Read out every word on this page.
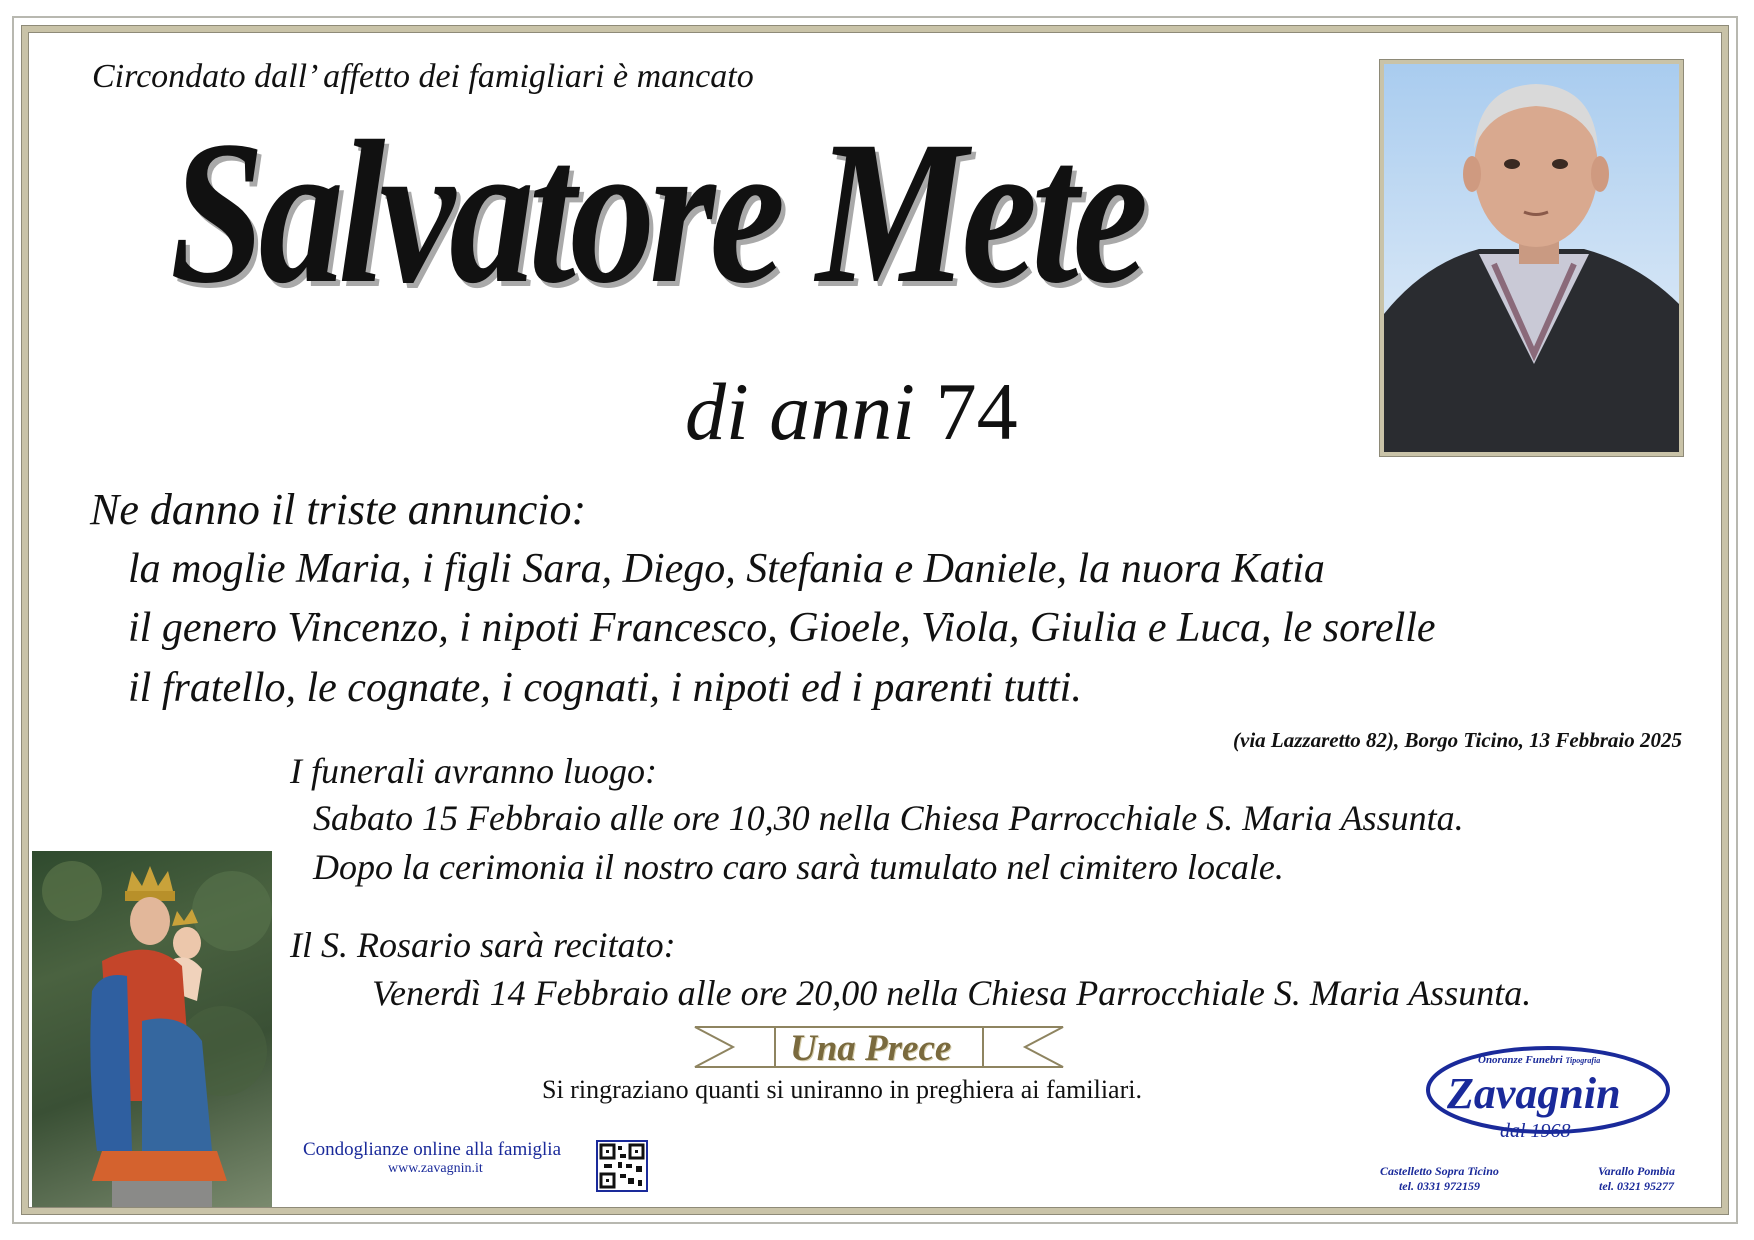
Circondato dall’ affetto dei famigliari è mancato
Salvatore Mete
di anni 74
Ne danno il triste annuncio:
la moglie Maria, i figli Sara, Diego, Stefania e Daniele, la nuora Katia
il genero Vincenzo, i nipoti Francesco, Gioele, Viola, Giulia e Luca, le sorelle
il fratello, le cognate, i cognati, i nipoti ed i parenti tutti.
(via Lazzaretto 82), Borgo Ticino, 13 Febbraio 2025
I funerali avranno luogo:
Sabato 15 Febbraio alle ore 10,30 nella Chiesa Parrocchiale S. Maria Assunta.
Dopo la cerimonia il nostro caro sarà tumulato nel cimitero locale.
Il S. Rosario sarà recitato:
Venerdì 14 Febbraio alle ore 20,00 nella Chiesa Parrocchiale S. Maria Assunta.
Una Prece
Si ringraziano quanti si uniranno in preghiera ai familiari.
Condoglianze online alla famiglia
www.zavagnin.it
Onoranze Funebri Tipografia
Zavagnin
dal 1968
Castelletto Sopra Ticino
tel. 0331 972159
Varallo Pombia
tel. 0321 95277
